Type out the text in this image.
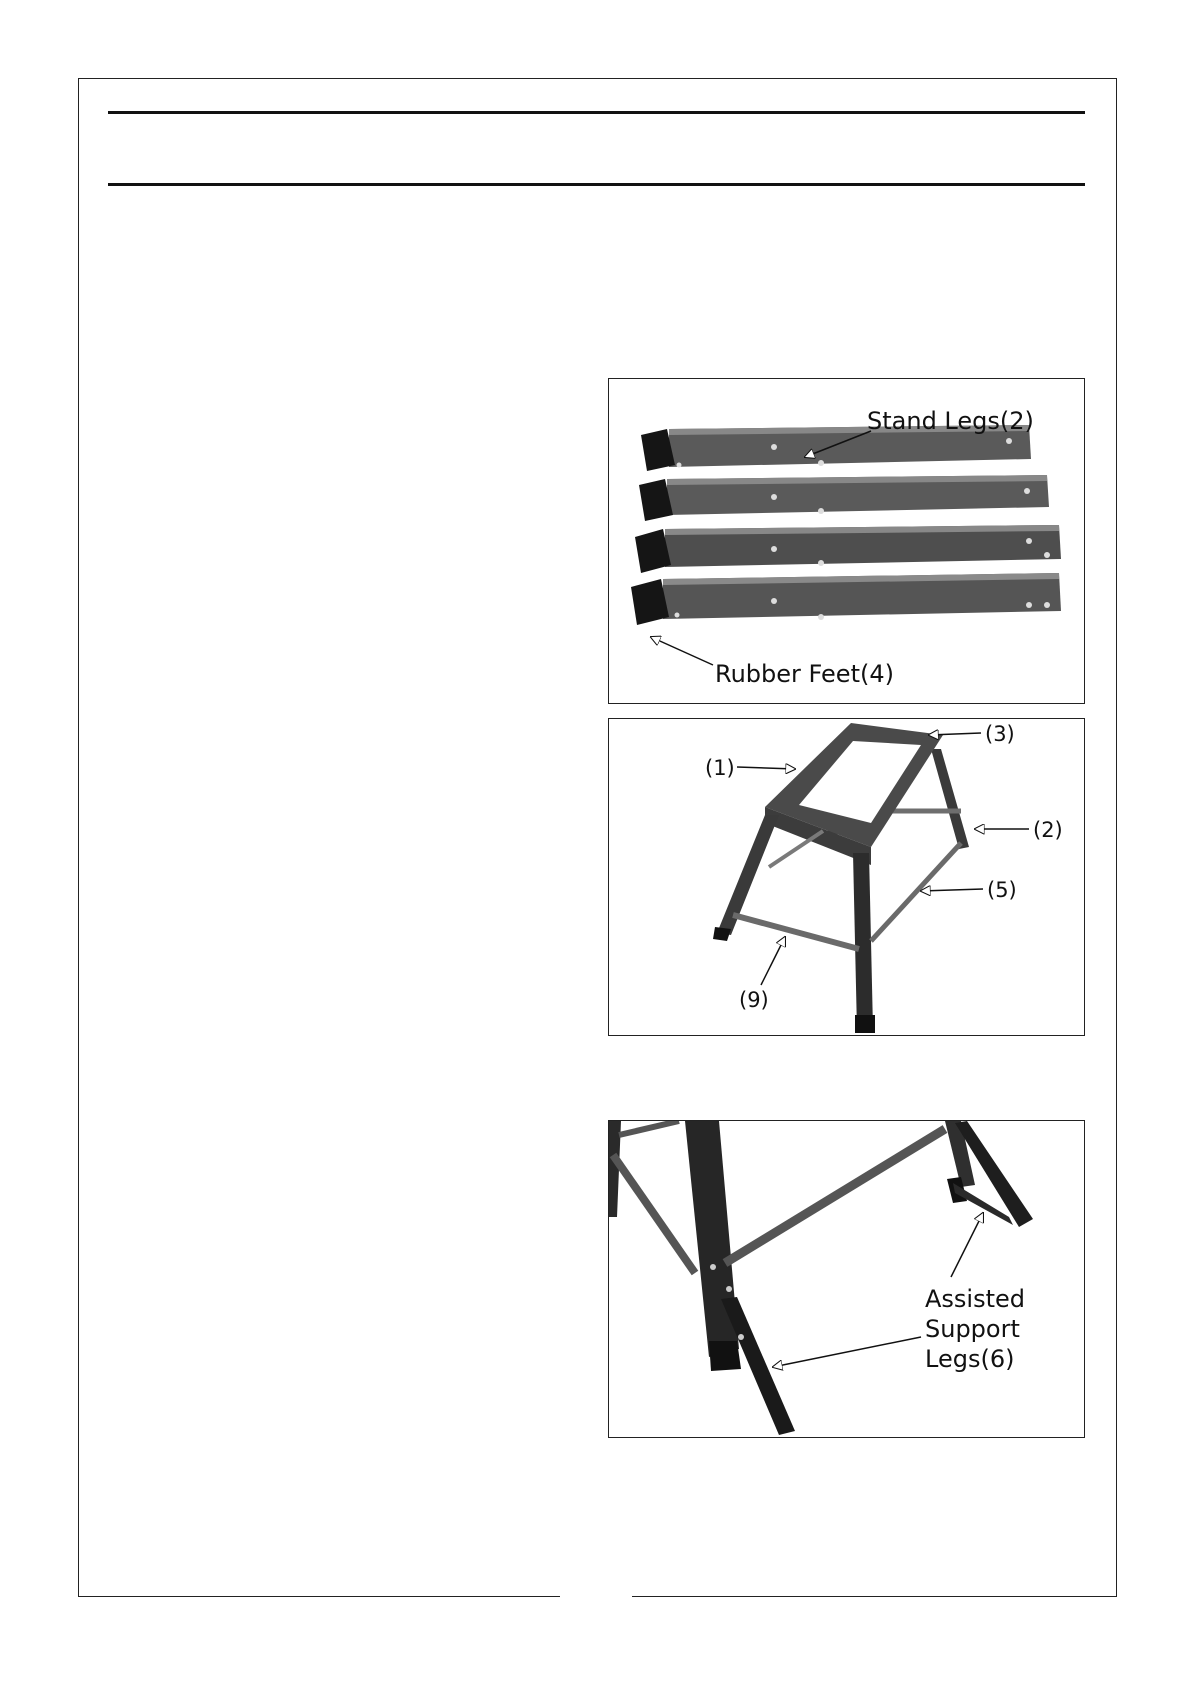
Stand Legs(2)
Rubber Feet(4)
(1)
(3)
(2)
(5)
(9)
Assisted
Support
Legs(6)
